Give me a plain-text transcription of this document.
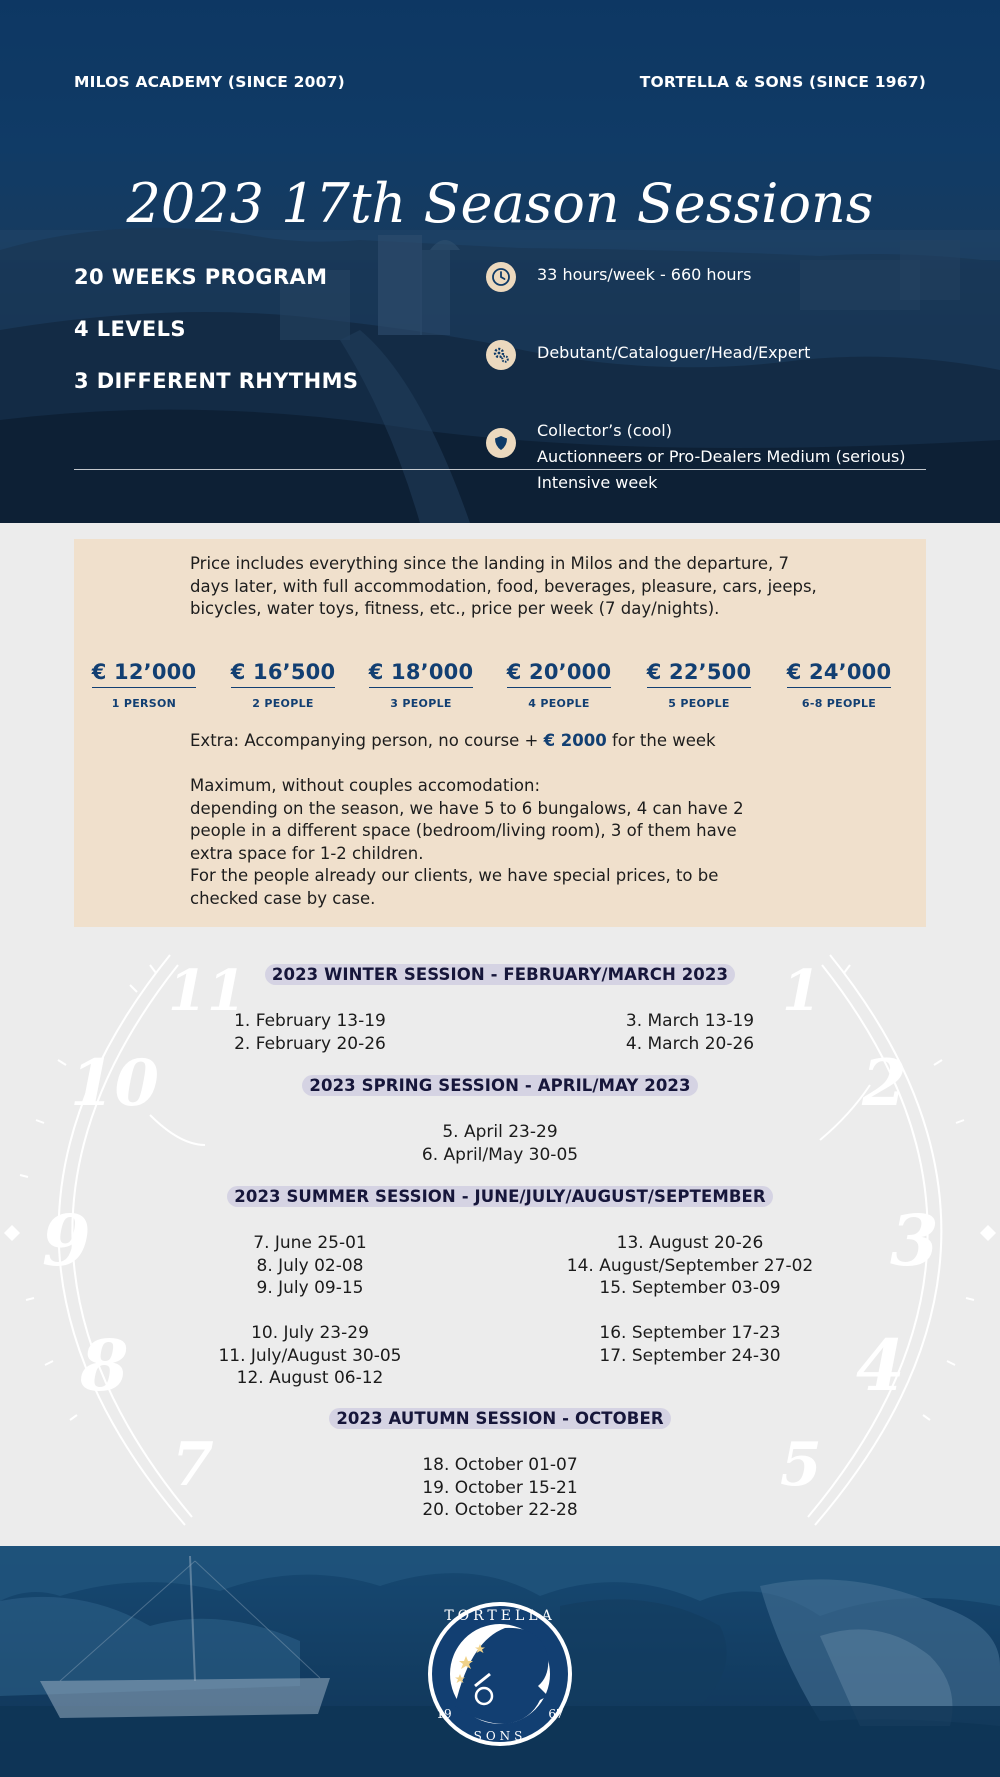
MILOS ACADEMY (SINCE 2007)	TORTELLA & SONS (SINCE 1967)
2023 17th Season Sessions
20 WEEKS PROGRAM
4 LEVELS
3 DIFFERENT RHYTHMS
33 hours/week - 660 hours
Debutant/Cataloguer/Head/Expert
Collector’s (cool)
Auctionneers or Pro-Dealers Medium (serious)
Intensive week

Price includes everything since the landing in Milos and the departure, 7 days later, with full accommodation, food, beverages, pleasure, cars, jeeps, bicycles, water toys, fitness, etc., price per week (7 day/nights).

€ 12’000
1 PERSON
€ 16’500
2 PEOPLE
€ 18’000
3 PEOPLE
€ 20’000
4 PEOPLE
€ 22’500
5 PEOPLE
€ 24’000
6-8 PEOPLE

Extra: Accompanying person, no course + € 2000 for the week

Maximum, without couples accomodation:
depending on the season, we have 5 to 6 bungalows, 4 can have 2
people in a different space (bedroom/living room), 3 of them have
extra space for 1-2 children.
For the people already our clients, we have special prices, to be
checked case by case.
11
10
9
8
7
1
2
3
4
5
2023 WINTER SESSION - FEBRUARY/MARCH 2023
1. February 13-19
2. February 20-26
3. March 13-19
4. March 20-26
2023 SPRING SESSION - APRIL/MAY 2023
5. April 23-29
6. April/May 30-05
2023 SUMMER SESSION - JUNE/JULY/AUGUST/SEPTEMBER
7. June 25-01
8. July 02-08
9. July 09-15
10. July 23-29
11. July/August 30-05
12. August 06-12
13. August 20-26
14. August/September 27-02
15. September 03-09
16. September 17-23
17. September 24-30
2023 AUTUMN SESSION - OCTOBER
18. October 01-07
19. October 15-21
20. October 22-28
TORTELLA
SONS
19	67
